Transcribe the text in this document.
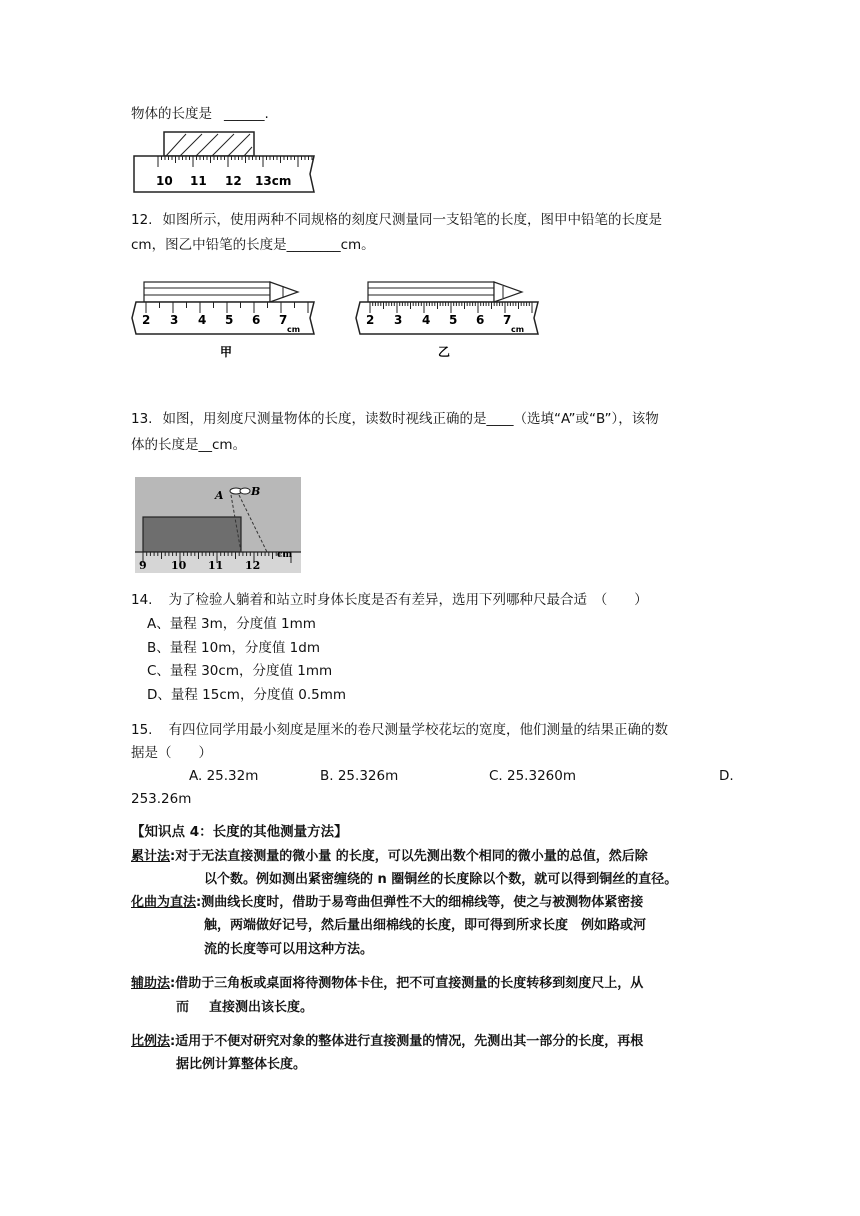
物体的长度是 ______.
10 11 12 13cm
12. 如图所示，使用两种不同规格的刻度尺测量同一支铅笔的长度，图甲中铅笔的长度是
cm，图乙中铅笔的长度是________cm。
2 3 4 5 6 7
cm
甲
2 3 4 5 6 7
cm
乙
13. 如图，用刻度尺测量物体的长度，读数时视线正确的是____（选填“A”或“B”），该物
体的长度是__cm。
A B
9 10 11 12
cm
14. 为了检验人躺着和站立时身体长度是否有差异，选用下列哪种尺最合适　（　　）
A、量程 3m，分度值 1mm
B、量程 10m，分度值 1dm
C、量程 30cm，分度值 1mm
D、量程 15cm，分度值 0.5mm
15. 有四位同学用最小刻度是厘米的卷尺测量学校花坛的宽度，他们测量的结果正确的数
据是（　　）
A. 25.32m	B. 25.326m	C. 25.3260m	D.
253.26m
【知识点 4：长度的其他测量方法】
累计法:对于无法直接测量的微小量 的长度，可以先测出数个相同的微小量的总值，然后除
以个数。例如测出紧密缠绕的 n 圈铜丝的长度除以个数，就可以得到铜丝的直径。
化曲为直法:测曲线长度时，借助于易弯曲但弹性不大的细棉线等，使之与被测物体紧密接
触，两端做好记号，然后量出细棉线的长度，即可得到所求长度　例如路或河
流的长度等可以用这种方法。
辅助法:借助于三角板或桌面将待测物体卡住，把不可直接测量的长度转移到刻度尺上，从
而 直接测出该长度。
比例法:适用于不便对研究对象的整体进行直接测量的情况，先测出其一部分的长度，再根
据比例计算整体长度。
